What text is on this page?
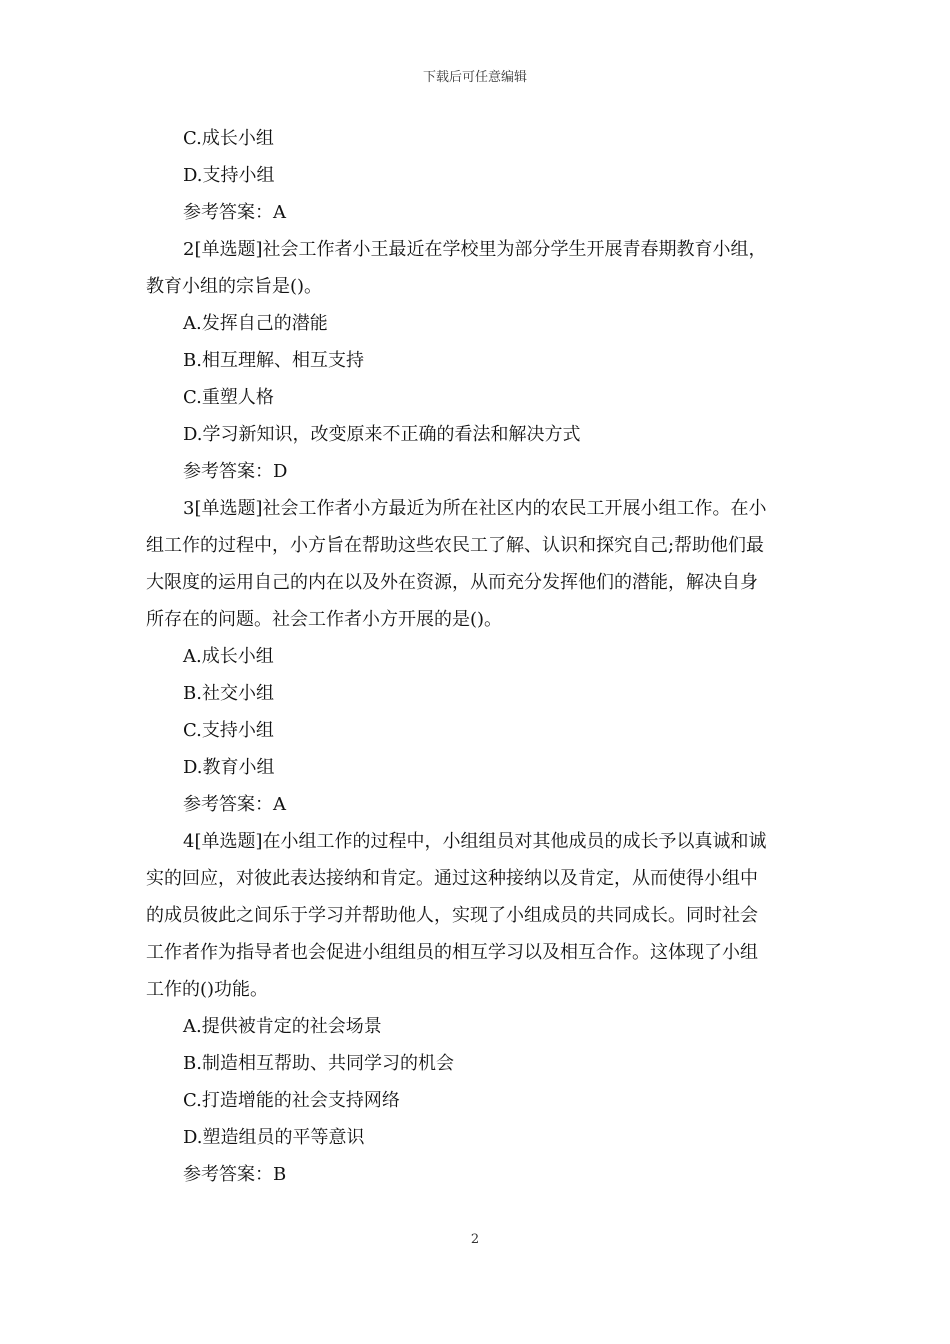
下载后可任意编辑
C.成长小组
D.支持小组
参考答案：A
2[单选题]社会工作者小王最近在学校里为部分学生开展青春期教育小组，
教育小组的宗旨是()。
A.发挥自己的潜能
B.相互理解、相互支持
C.重塑人格
D.学习新知识，改变原来不正确的看法和解决方式
参考答案：D
3[单选题]社会工作者小方最近为所在社区内的农民工开展小组工作。在小
组工作的过程中，小方旨在帮助这些农民工了解、认识和探究自己;帮助他们最
大限度的运用自己的内在以及外在资源，从而充分发挥他们的潜能，解决自身
所存在的问题。社会工作者小方开展的是()。
A.成长小组
B.社交小组
C.支持小组
D.教育小组
参考答案：A
4[单选题]在小组工作的过程中，小组组员对其他成员的成长予以真诚和诚
实的回应，对彼此表达接纳和肯定。通过这种接纳以及肯定，从而使得小组中
的成员彼此之间乐于学习并帮助他人，实现了小组成员的共同成长。同时社会
工作者作为指导者也会促进小组组员的相互学习以及相互合作。这体现了小组
工作的()功能。
A.提供被肯定的社会场景
B.制造相互帮助、共同学习的机会
C.打造增能的社会支持网络
D.塑造组员的平等意识
参考答案：B
2
